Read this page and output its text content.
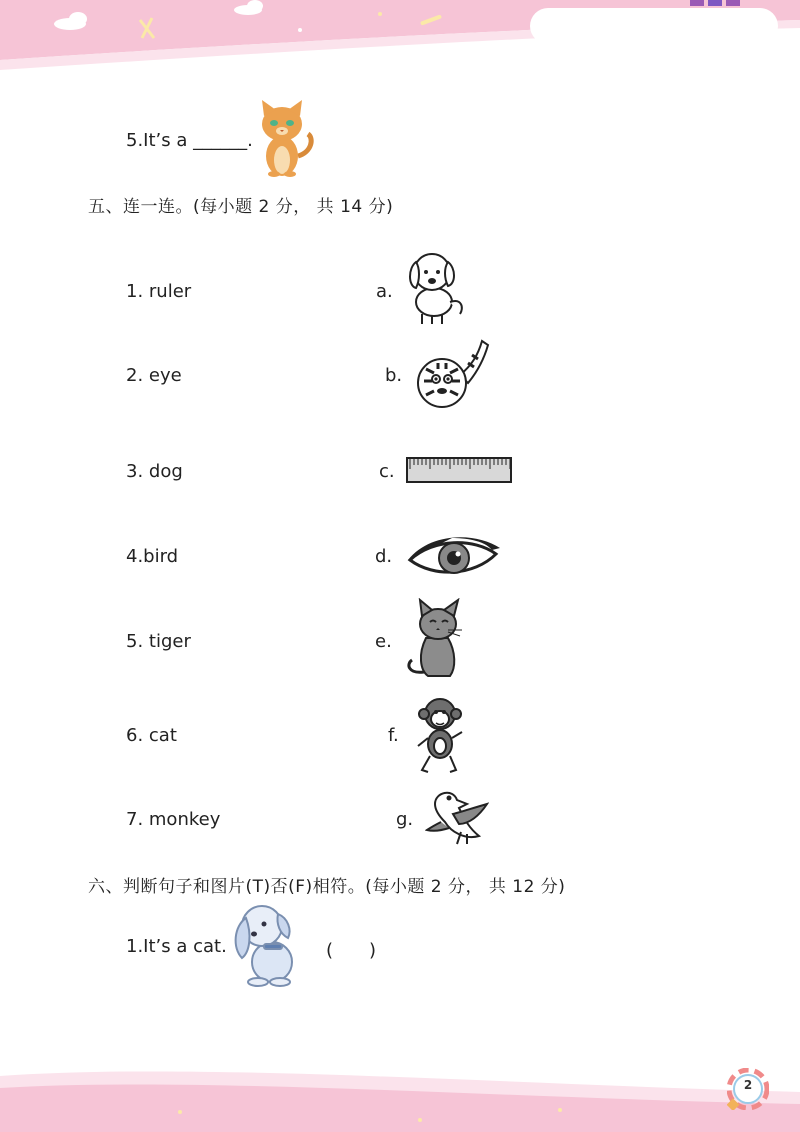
5.It’s a ______.
五、连一连。(每小题 2 分， 共 14 分)
1. ruler
2. eye
3. dog
4.bird
5. tiger
6. cat
7. monkey
a.
b.
c.
d.
e.
f.
g.
六、判断句子和图片(T)否(F)相符。(每小题 2 分， 共 12 分)
1.It’s a cat.	(　　)
2
